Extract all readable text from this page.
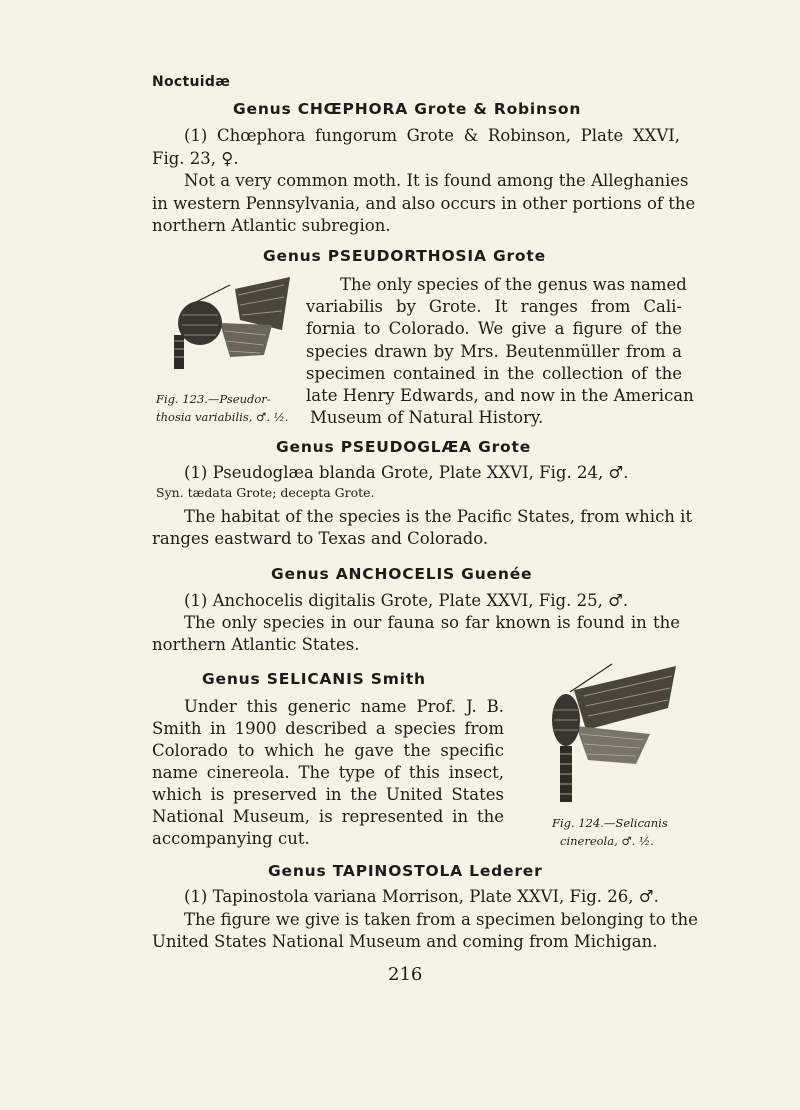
Noctuidæ
Genus CHŒPHORA Grote & Robinson
(1) Chœphora fungorum Grote & Robinson, Plate XXVI,
Fig. 23, ♀.
Not a very common moth. It is found among the Alleghanies
in western Pennsylvania, and also occurs in other portions of the
northern Atlantic subregion.
Genus PSEUDORTHOSIA Grote
The only species of the genus was named
variabilis by Grote. It ranges from Cali-
fornia to Colorado. We give a figure of the
species drawn by Mrs. Beutenmüller from a
specimen contained in the collection of the
late Henry Edwards, and now in the American
Museum of Natural History.
Fig. 123.—Pseudor-
thosia variabilis, ♂. ½.
Genus PSEUDOGLÆA Grote
(1) Pseudoglæa blanda Grote, Plate XXVI, Fig. 24, ♂.
Syn. tædata Grote; decepta Grote.
The habitat of the species is the Pacific States, from which it
ranges eastward to Texas and Colorado.
Genus ANCHOCELIS Guenée
(1) Anchocelis digitalis Grote, Plate XXVI, Fig. 25, ♂.
The only species in our fauna so far known is found in the
northern Atlantic States.
Genus SELICANIS Smith
Under this generic name Prof. J. B.
Smith in 1900 described a species from
Colorado to which he gave the specific
name cinereola. The type of this insect,
which is preserved in the United States
National Museum, is represented in the
accompanying cut.
Fig. 124.—Selicanis
cinereola, ♂. ½.
Genus TAPINOSTOLA Lederer
(1) Tapinostola variana Morrison, Plate XXVI, Fig. 26, ♂.
The figure we give is taken from a specimen belonging to the
United States National Museum and coming from Michigan.
216
